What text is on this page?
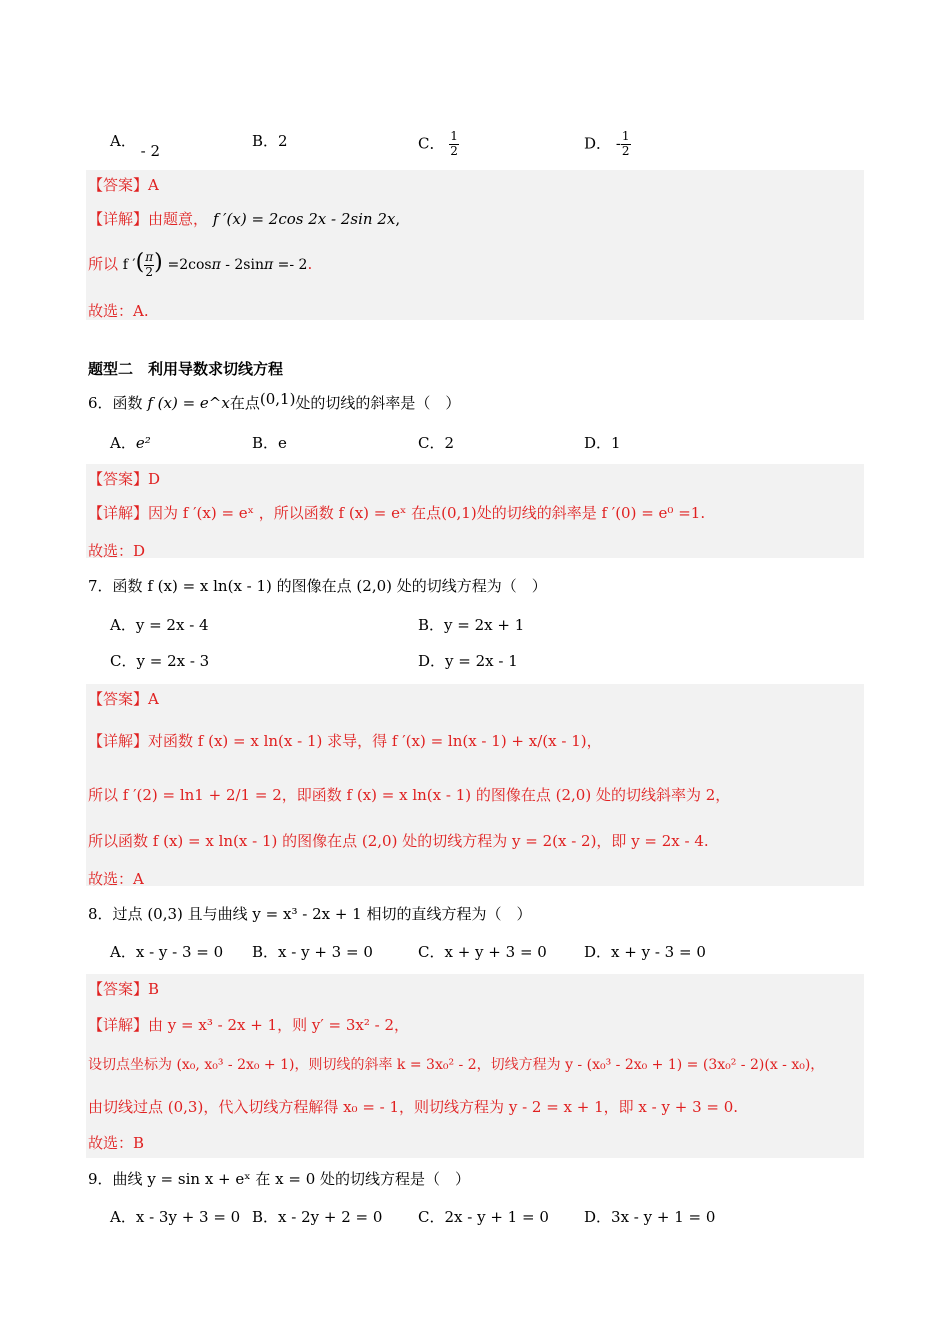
A． - 2
B．2	C． $\frac{1}{2}$	D． - $\frac{1}{2}$
【答案】A
【详解】由题意， f ′(x) = 2cos 2x - 2sin 2x,
所以 f ′( $\frac{\pi}{2}$ ) =2cosπ - 2sinπ =- 2.
故选：A.
题型二　利用导数求切线方程
6．函数 f (x) = e^x在点(0,1)处的切线的斜率是（　）
A．e²	B．e	C．2	D．1
【答案】D
【详解】因为 f ′(x) = eˣ ，所以函数 f (x) = eˣ 在点(0,1)处的切线的斜率是 f ′(0) = e⁰ =1.
故选：D
7．函数 f (x) = x ln(x - 1) 的图像在点 (2,0) 处的切线方程为（　）
A．y = 2x - 4	B．y = 2x + 1
C．y = 2x - 3	D．y = 2x - 1
【答案】A
【详解】对函数 f (x) = x ln(x - 1) 求导，得 f ′(x) = ln(x - 1) + x/(x - 1)，
所以 f ′(2) = ln1 + 2/1 = 2，即函数 f (x) = x ln(x - 1) 的图像在点 (2,0) 处的切线斜率为 2，
所以函数 f (x) = x ln(x - 1) 的图像在点 (2,0) 处的切线方程为 y = 2(x - 2)，即 y = 2x - 4.
故选：A
8．过点 (0,3) 且与曲线 y = x³ - 2x + 1 相切的直线方程为（　）
A．x - y - 3 = 0 B．x - y + 3 = 0	C．x + y + 3 = 0 D．x + y - 3 = 0
【答案】B
【详解】由 y = x³ - 2x + 1，则 y′ = 3x² - 2，
设切点坐标为 (x₀, x₀³ - 2x₀ + 1)，则切线的斜率 k = 3x₀² - 2，切线方程为 y - (x₀³ - 2x₀ + 1) = (3x₀² - 2)(x - x₀)，
由切线过点 (0,3)，代入切线方程解得 x₀ = - 1，则切线方程为 y - 2 = x + 1，即 x - y + 3 = 0.
故选：B
9．曲线 y = sin x + eˣ 在 x = 0 处的切线方程是（　）
A．x - 3y + 3 = 0 B．x - 2y + 2 = 0 C．2x - y + 1 = 0 D．3x - y + 1 = 0
